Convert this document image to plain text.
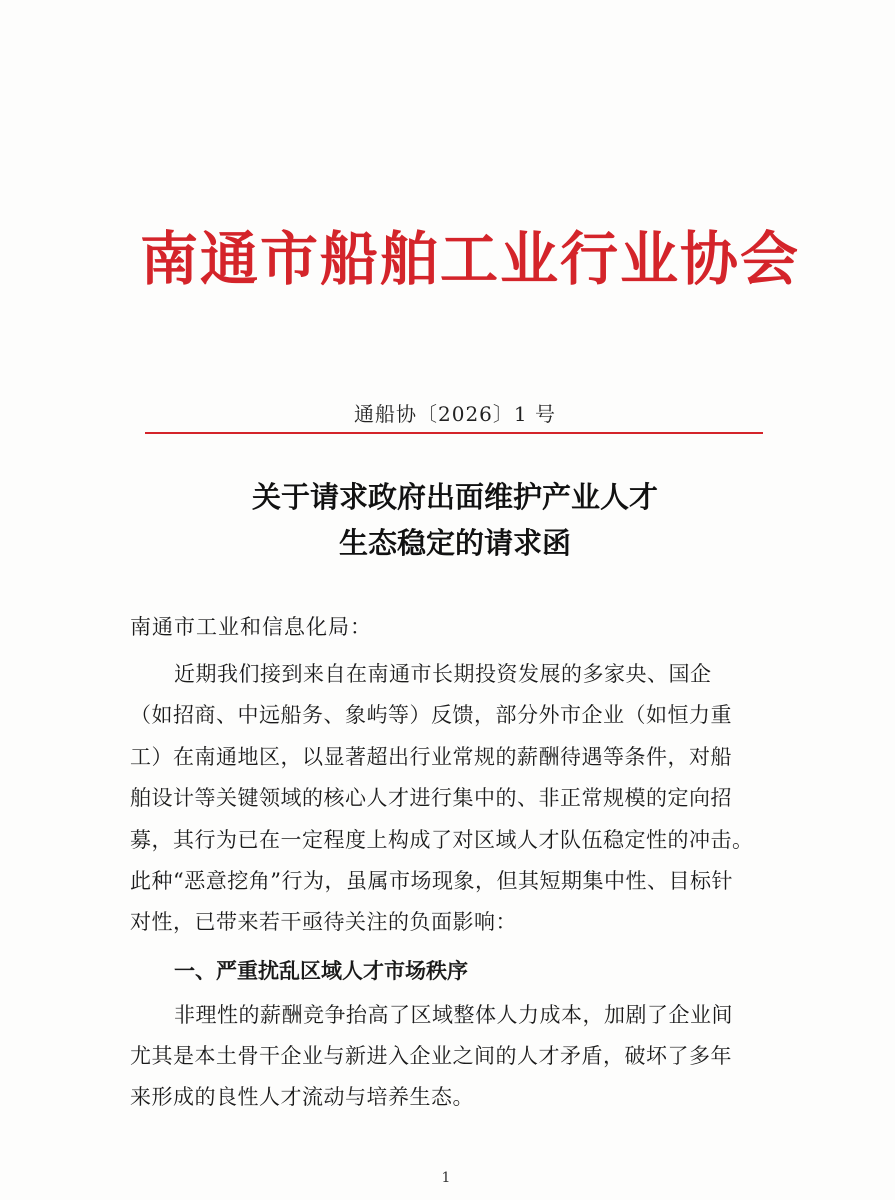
南通市船舶工业行业协会
通船协〔2026〕1 号
关于请求政府出面维护产业人才
生态稳定的请求函
南通市工业和信息化局：
近期我们接到来自在南通市长期投资发展的多家央、国企
（如招商、中远船务、象屿等）反馈，部分外市企业（如恒力重
工）在南通地区，以显著超出行业常规的薪酬待遇等条件，对船
舶设计等关键领域的核心人才进行集中的、非正常规模的定向招
募，其行为已在一定程度上构成了对区域人才队伍稳定性的冲击。
此种“恶意挖角”行为，虽属市场现象，但其短期集中性、目标针
对性，已带来若干亟待关注的负面影响：
一、严重扰乱区域人才市场秩序
非理性的薪酬竞争抬高了区域整体人力成本，加剧了企业间
尤其是本土骨干企业与新进入企业之间的人才矛盾，破坏了多年
来形成的良性人才流动与培养生态。
1
